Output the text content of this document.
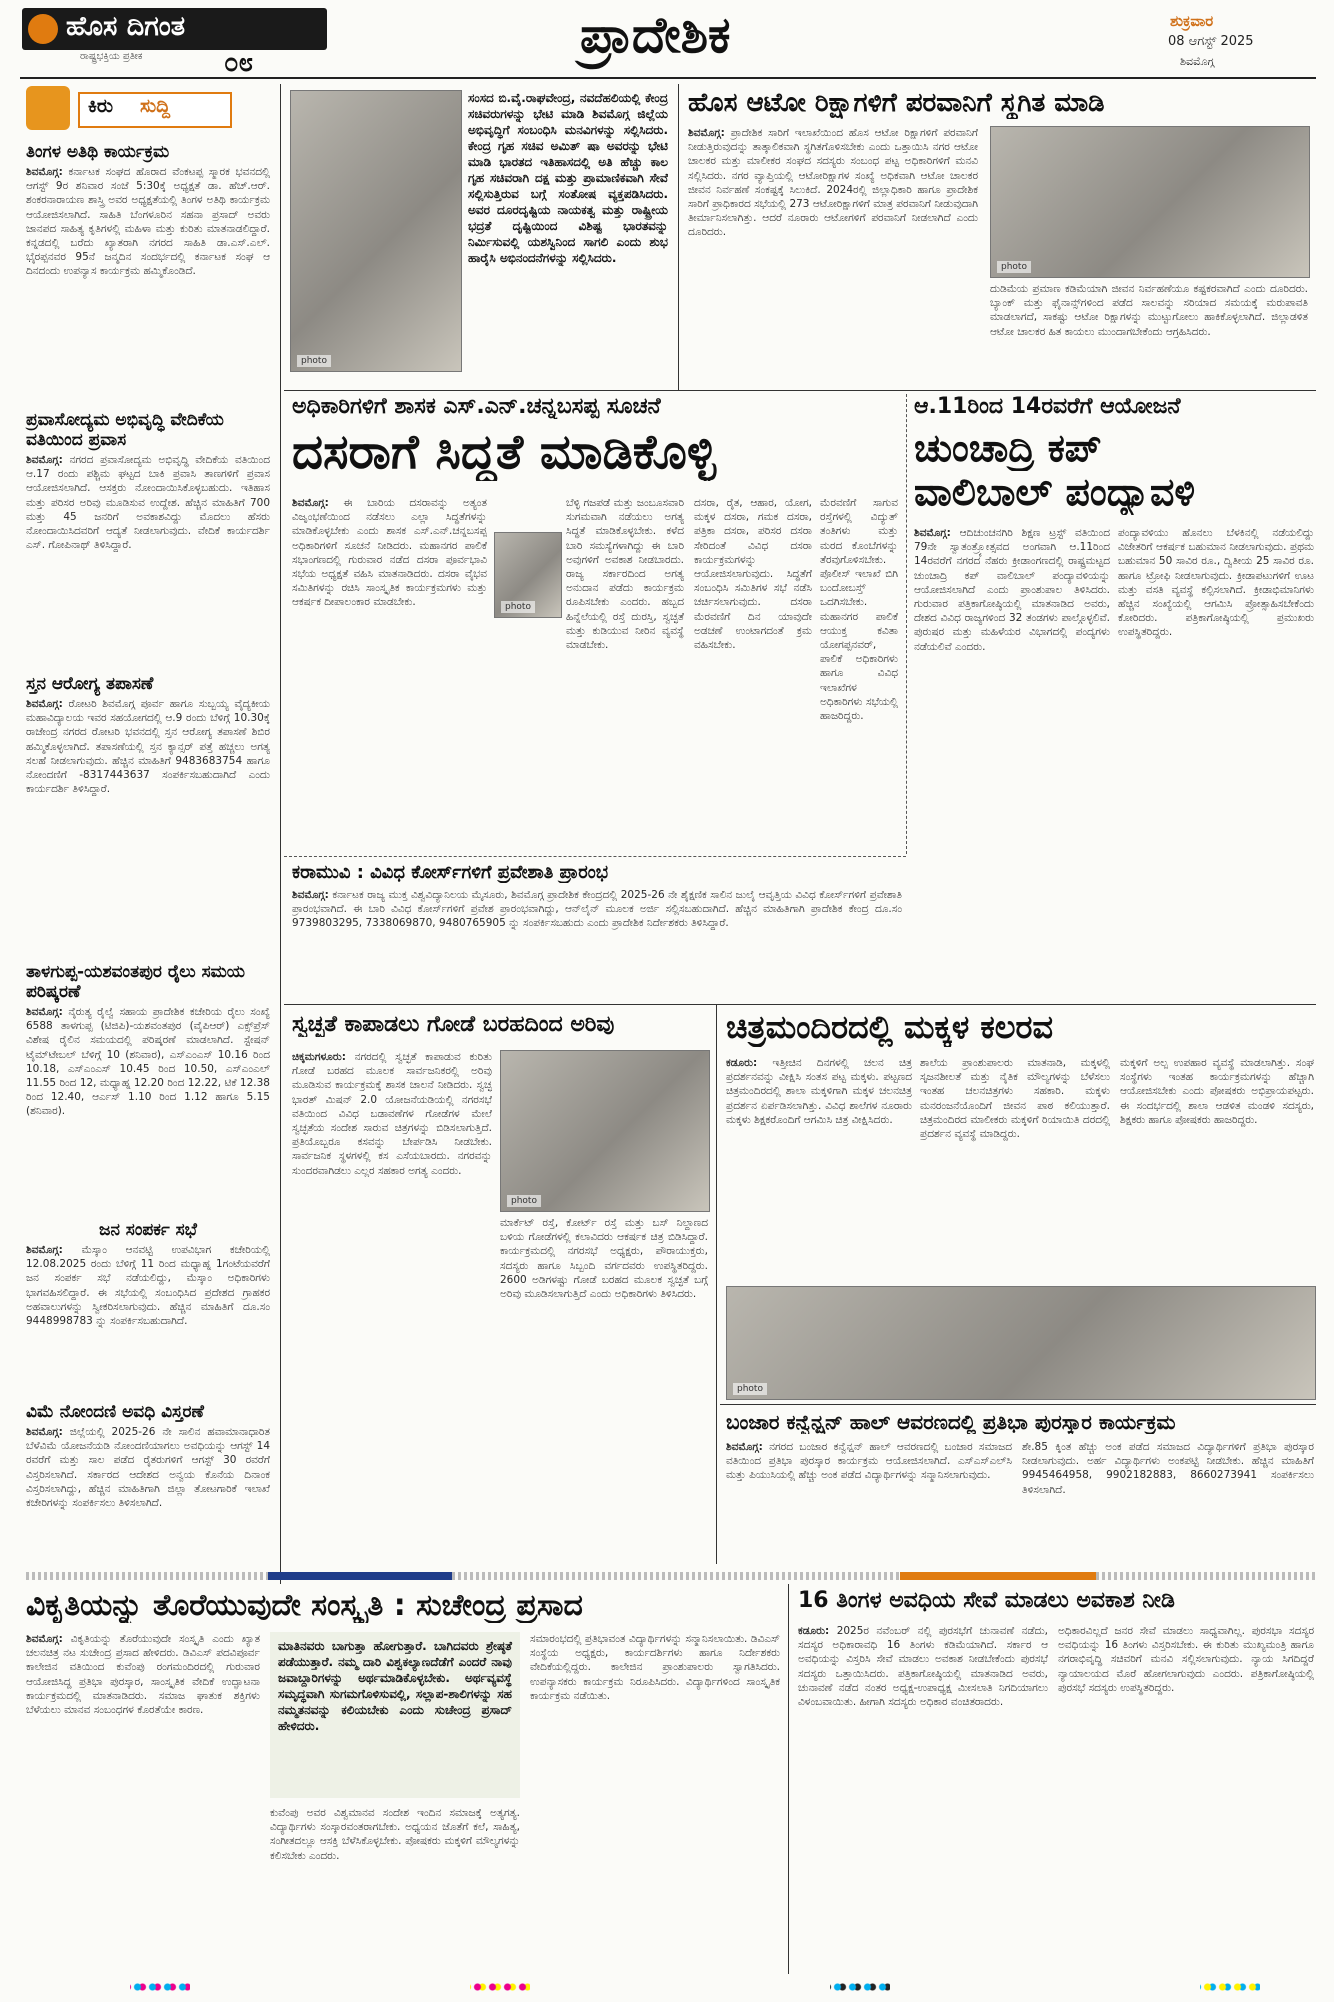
ಹೊಸ ದಿಗಂತ
ರಾಷ್ಟ್ರಭಕ್ತಿಯ ಪ್ರತೀಕ	೦೮	ಪ್ರಾದೇಶಿಕ	ಶುಕ್ರವಾರ
08 ಆಗಸ್ಟ್ 2025
ಶಿವಮೊಗ್ಗ
ಕಿರು ಸುದ್ದಿ
ತಿಂಗಳ ಅತಿಥಿ ಕಾರ್ಯಕ್ರಮ
ಶಿವಮೊಗ್ಗ: ಕರ್ನಾಟಕ ಸಂಘದ ಹೊರಾದ ವೆಂಕಟಪ್ಪ ಸ್ಮಾರಕ ಭವನದಲ್ಲಿ ಆಗಸ್ಟ್ 9ರ ಶನಿವಾರ ಸಂಜೆ 5:30ಕ್ಕೆ ಅಧ್ಯಕ್ಷತೆ ಡಾ. ಹೆಚ್.ಆರ್. ಶಂಕರನಾರಾಯಣ ಶಾಸ್ತ್ರಿ ಅವರ ಅಧ್ಯಕ್ಷತೆಯಲ್ಲಿ ತಿಂಗಳ ಅತಿಥಿ ಕಾರ್ಯಕ್ರಮ ಆಯೋಜಿಸಲಾಗಿದೆ. ಸಾಹಿತಿ ಬೆಂಗಳೂರಿನ ಸಹನಾ ಪ್ರಸಾದ್ ಅವರು ಜಾನಪದ ಸಾಹಿತ್ಯ ಕೃತಿಗಳಲ್ಲಿ ಮಹಿಳಾ ಮತ್ತು ಕುರಿತು ಮಾತನಾಡಲಿದ್ದಾರೆ. ಕನ್ನಡದಲ್ಲಿ ಬರೆದು ಖ್ಯಾತರಾಗಿ ನಗರದ ಸಾಹಿತಿ ಡಾ.ಎಸ್.ಎಲ್. ಭೈರಪ್ಪನವರ 95ನೆ ಜನ್ಮದಿನ ಸಂದರ್ಭದಲ್ಲಿ ಕರ್ನಾಟಕ ಸಂಘ ಆ ದಿನದಂದು ಉಪನ್ಯಾಸ ಕಾರ್ಯಕ್ರಮ ಹಮ್ಮಿಕೊಂಡಿದೆ.
ಪ್ರವಾಸೋದ್ಯಮ ಅಭಿವೃದ್ಧಿ ವೇದಿಕೆಯ ವತಿಯಿಂದ ಪ್ರವಾಸ
ಶಿವಮೊಗ್ಗ: ನಗರದ ಪ್ರವಾಸೋದ್ಯಮ ಅಭಿವೃದ್ಧಿ ವೇದಿಕೆಯ ವತಿಯಿಂದ ಆ.17 ರಂದು ಪಶ್ಚಿಮ ಘಟ್ಟದ ಬಾಕಿ ಪ್ರವಾಸಿ ತಾಣಗಳಿಗೆ ಪ್ರವಾಸ ಆಯೋಜಿಸಲಾಗಿದೆ. ಆಸಕ್ತರು ನೋಂದಾಯಿಸಿಕೊಳ್ಳಬಹುದು. ಇತಿಹಾಸ ಮತ್ತು ಪರಿಸರ ಅರಿವು ಮೂಡಿಸುವ ಉದ್ದೇಶ. ಹೆಚ್ಚಿನ ಮಾಹಿತಿಗೆ 700 ಮತ್ತು 45 ಜನರಿಗೆ ಅವಕಾಶವಿದ್ದು ಮೊದಲು ಹೆಸರು ನೋಂದಾಯಿಸಿದವರಿಗೆ ಆದ್ಯತೆ ನೀಡಲಾಗುವುದು. ವೇದಿಕೆ ಕಾರ್ಯದರ್ಶಿ ಎಸ್. ಗೋಪಿನಾಥ್ ತಿಳಿಸಿದ್ದಾರೆ.
ಸ್ತನ ಆರೋಗ್ಯ ತಪಾಸಣೆ
ಶಿವಮೊಗ್ಗ: ರೋಟರಿ ಶಿವಮೊಗ್ಗ ಪೂರ್ವ ಹಾಗೂ ಸುಬ್ಬಯ್ಯ ವೈದ್ಯಕೀಯ ಮಹಾವಿದ್ಯಾಲಯ ಇವರ ಸಹಯೋಗದಲ್ಲಿ ಆ.9 ರಂದು ಬೆಳಿಗ್ಗೆ 10.30ಕ್ಕೆ ರಾಜೇಂದ್ರ ನಗರದ ರೋಟರಿ ಭವನದಲ್ಲಿ ಸ್ತನ ಆರೋಗ್ಯ ತಪಾಸಣೆ ಶಿಬಿರ ಹಮ್ಮಿಕೊಳ್ಳಲಾಗಿದೆ. ತಪಾಸಣೆಯಲ್ಲಿ ಸ್ತನ ಕ್ಯಾನ್ಸರ್ ಪತ್ತೆ ಹಚ್ಚಲು ಅಗತ್ಯ ಸಲಹೆ ನೀಡಲಾಗುವುದು. ಹೆಚ್ಚಿನ ಮಾಹಿತಿಗೆ 9483683754 ಹಾಗೂ ನೋಂದಣಿಗೆ -8317443637 ಸಂಪರ್ಕಿಸಬಹುದಾಗಿದೆ ಎಂದು ಕಾರ್ಯದರ್ಶಿ ತಿಳಿಸಿದ್ದಾರೆ.
ತಾಳಗುಪ್ಪ-ಯಶವಂತಪುರ ರೈಲು ಸಮಯ ಪರಿಷ್ಕರಣೆ
ಶಿವಮೊಗ್ಗ: ನೈರುತ್ಯ ರೈಲ್ವೆ ಸಹಾಯ ಪ್ರಾದೇಶಿಕ ಕಚೇರಿಯ ರೈಲು ಸಂಖ್ಯೆ 6588 ತಾಳಗುಪ್ಪ (ಟಿಜಿಪಿ)-ಯಶವಂತಪುರ (ವೈಪಿಆರ್) ಎಕ್ಸ್‌ಪ್ರೆಸ್ ವಿಶೇಷ ರೈಲಿನ ಸಮಯದಲ್ಲಿ ಪರಿಷ್ಕರಣೆ ಮಾಡಲಾಗಿದೆ. ಸ್ಟೇಷನ್ ಟೈಮ್‌ಟೇಬಲ್ ಬೆಳಿಗ್ಗೆ 10 (ಶನಿವಾರ), ಎಸ್ಎಂಎಸ್ 10.16 ರಿಂದ 10.18, ಎಸ್ಎಂಎಸ್ 10.45 ರಿಂದ 10.50, ಎಸ್ಎಂಎಲ್ 11.55 ರಿಂದ 12, ಮಧ್ಯಾಹ್ನ 12.20 ರಿಂದ 12.22, ಟಿಕೆ 12.38 ರಿಂದ 12.40, ಆರ್ಎಸ್ 1.10 ರಿಂದ 1.12 ಹಾಗೂ 5.15 (ಶನಿವಾರ).
ಜನ ಸಂಪರ್ಕ ಸಭೆ
ಶಿವಮೊಗ್ಗ: ಮೆಸ್ಕಾಂ ಆನವಟ್ಟಿ ಉಪವಿಭಾಗ ಕಚೇರಿಯಲ್ಲಿ 12.08.2025 ರಂದು ಬೆಳಿಗ್ಗೆ 11 ರಿಂದ ಮಧ್ಯಾಹ್ನ 1ಗಂಟೆಯವರೆಗೆ ಜನ ಸಂಪರ್ಕ ಸಭೆ ನಡೆಯಲಿದ್ದು, ಮೆಸ್ಕಾಂ ಅಧಿಕಾರಿಗಳು ಭಾಗವಹಿಸಲಿದ್ದಾರೆ. ಈ ಸಭೆಯಲ್ಲಿ ಸಂಬಂಧಿಸಿದ ಪ್ರದೇಶದ ಗ್ರಾಹಕರ ಅಹವಾಲುಗಳನ್ನು ಸ್ವೀಕರಿಸಲಾಗುವುದು. ಹೆಚ್ಚಿನ ಮಾಹಿತಿಗೆ ದೂ.ಸಂ 9448998783 ನ್ನು ಸಂಪರ್ಕಿಸಬಹುದಾಗಿದೆ.
ವಿಮೆ ನೋಂದಣಿ ಅವಧಿ ವಿಸ್ತರಣೆ
ಶಿವಮೊಗ್ಗ: ಜಿಲ್ಲೆಯಲ್ಲಿ 2025-26 ನೇ ಸಾಲಿನ ಹವಾಮಾನಾಧಾರಿತ ಬೆಳೆವಿಮೆ ಯೋಜನೆಯಡಿ ನೋಂದಣಿಯಾಗಲು ಅವಧಿಯನ್ನು ಆಗಸ್ಟ್ 14 ರವರೆಗೆ ಮತ್ತು ಸಾಲ ಪಡೆದ ರೈತರುಗಳಿಗೆ ಆಗಸ್ಟ್ 30 ರವರೆಗೆ ವಿಸ್ತರಿಸಲಾಗಿದೆ. ಸರ್ಕಾರದ ಆದೇಶದ ಅನ್ವಯ ಕೊನೆಯ ದಿನಾಂಕ ವಿಸ್ತರಿಸಲಾಗಿದ್ದು, ಹೆಚ್ಚಿನ ಮಾಹಿತಿಗಾಗಿ ಜಿಲ್ಲಾ ತೋಟಗಾರಿಕೆ ಇಲಾಖೆ ಕಚೇರಿಗಳನ್ನು ಸಂಪರ್ಕಿಸಲು ತಿಳಿಸಲಾಗಿದೆ.
photo
ಸಂಸದ ಬಿ.ವೈ.ರಾಘವೇಂದ್ರ, ನವದೆಹಲಿಯಲ್ಲಿ ಕೇಂದ್ರ ಸಚಿವರುಗಳನ್ನು ಭೇಟಿ ಮಾಡಿ ಶಿವಮೊಗ್ಗ ಜಿಲ್ಲೆಯ ಅಭಿವೃದ್ಧಿಗೆ ಸಂಬಂಧಿಸಿ ಮನವಿಗಳನ್ನು ಸಲ್ಲಿಸಿದರು. ಕೇಂದ್ರ ಗೃಹ ಸಚಿವ ಅಮಿತ್ ಷಾ ಅವರನ್ನು ಭೇಟಿ ಮಾಡಿ ಭಾರತದ ಇತಿಹಾಸದಲ್ಲಿ ಅತಿ ಹೆಚ್ಚು ಕಾಲ ಗೃಹ ಸಚಿವರಾಗಿ ದಕ್ಷ ಮತ್ತು ಪ್ರಾಮಾಣಿಕವಾಗಿ ಸೇವೆ ಸಲ್ಲಿಸುತ್ತಿರುವ ಬಗ್ಗೆ ಸಂತೋಷ ವ್ಯಕ್ತಪಡಿಸಿದರು. ಅವರ ದೂರದೃಷ್ಟಿಯ ನಾಯಕತ್ವ ಮತ್ತು ರಾಷ್ಟ್ರೀಯ ಭದ್ರತೆ ದೃಷ್ಟಿಯಿಂದ ವಿಶಿಷ್ಟ ಭಾರತವನ್ನು ನಿರ್ಮಿಸುವಲ್ಲಿ ಯಶಸ್ವಿನಿಂದ ಸಾಗಲಿ ಎಂದು ಶುಭ ಹಾರೈಸಿ ಅಭಿನಂದನೆಗಳನ್ನು ಸಲ್ಲಿಸಿದರು.
ಹೊಸ ಆಟೋ ರಿಕ್ಷಾಗಳಿಗೆ ಪರವಾನಿಗೆ ಸ್ಥಗಿತ ಮಾಡಿ
ಶಿವಮೊಗ್ಗ: ಪ್ರಾದೇಶಿಕ ಸಾರಿಗೆ ಇಲಾಖೆಯಿಂದ ಹೊಸ ಆಟೋ ರಿಕ್ಷಾಗಳಿಗೆ ಪರವಾನಿಗೆ ನೀಡುತ್ತಿರುವುದನ್ನು ತಾತ್ಕಾಲಿಕವಾಗಿ ಸ್ಥಗಿತಗೊಳಿಸಬೇಕು ಎಂದು ಒತ್ತಾಯಿಸಿ ನಗರ ಆಟೋ ಚಾಲಕರ ಮತ್ತು ಮಾಲೀಕರ ಸಂಘದ ಸದಸ್ಯರು ಸಂಬಂಧ ಪಟ್ಟ ಅಧಿಕಾರಿಗಳಿಗೆ ಮನವಿ ಸಲ್ಲಿಸಿದರು. ನಗರ ವ್ಯಾಪ್ತಿಯಲ್ಲಿ ಆಟೋರಿಕ್ಷಾಗಳ ಸಂಖ್ಯೆ ಅಧಿಕವಾಗಿ ಆಟೋ ಚಾಲಕರ ಜೀವನ ನಿರ್ವಹಣೆ ಸಂಕಷ್ಟಕ್ಕೆ ಸಿಲುಕಿದೆ. 2024ರಲ್ಲಿ ಜಿಲ್ಲಾಧಿಕಾರಿ ಹಾಗೂ ಪ್ರಾದೇಶಿಕ ಸಾರಿಗೆ ಪ್ರಾಧಿಕಾರದ ಸಭೆಯಲ್ಲಿ 273 ಆಟೋರಿಕ್ಷಾಗಳಿಗೆ ಮಾತ್ರ ಪರವಾನಿಗೆ ನೀಡುವುದಾಗಿ ತೀರ್ಮಾನಿಸಲಾಗಿತ್ತು. ಆದರೆ ನೂರಾರು ಆಟೋಗಳಿಗೆ ಪರವಾನಿಗೆ ನೀಡಲಾಗಿದೆ ಎಂದು ದೂರಿದರು.
photo
ದುಡಿಮೆಯ ಪ್ರಮಾಣ ಕಡಿಮೆಯಾಗಿ ಜೀವನ ನಿರ್ವಹಣೆಯೂ ಕಷ್ಟಕರವಾಗಿದೆ ಎಂದು ದೂರಿದರು. ಬ್ಯಾಂಕ್ ಮತ್ತು ಫೈನಾನ್ಸ್‌ಗಳಿಂದ ಪಡೆದ ಸಾಲವನ್ನು ಸರಿಯಾದ ಸಮಯಕ್ಕೆ ಮರುಪಾವತಿ ಮಾಡಲಾಗದೆ, ಸಾಕಷ್ಟು ಆಟೋ ರಿಕ್ಷಾಗಳನ್ನು ಮುಟ್ಟುಗೋಲು ಹಾಕಿಕೊಳ್ಳಲಾಗಿದೆ. ಜಿಲ್ಲಾಡಳಿತ ಆಟೋ ಚಾಲಕರ ಹಿತ ಕಾಯಲು ಮುಂದಾಗಬೇಕೆಂದು ಆಗ್ರಹಿಸಿದರು.
ಅಧಿಕಾರಿಗಳಿಗೆ ಶಾಸಕ ಎಸ್.ಎನ್.ಚನ್ನಬಸಪ್ಪ ಸೂಚನೆ
ದಸರಾಗೆ ಸಿದ್ಧತೆ ಮಾಡಿಕೊಳ್ಳಿ
ಶಿವಮೊಗ್ಗ: ಈ ಬಾರಿಯ ದಸರಾವನ್ನು ಅತ್ಯಂತ ವಿಜೃಂಭಣೆಯಿಂದ ನಡೆಸಲು ಎಲ್ಲಾ ಸಿದ್ಧತೆಗಳನ್ನು ಮಾಡಿಕೊಳ್ಳಬೇಕು ಎಂದು ಶಾಸಕ ಎಸ್.ಎನ್.ಚನ್ನಬಸಪ್ಪ ಅಧಿಕಾರಿಗಳಿಗೆ ಸೂಚನೆ ನೀಡಿದರು. ಮಹಾನಗರ ಪಾಲಿಕೆ ಸಭಾಂಗಣದಲ್ಲಿ ಗುರುವಾರ ನಡೆದ ದಸರಾ ಪೂರ್ವಭಾವಿ ಸಭೆಯ ಅಧ್ಯಕ್ಷತೆ ವಹಿಸಿ ಮಾತನಾಡಿದರು. ದಸರಾ ವೈಭವ ಸಮಿತಿಗಳನ್ನು ರಚಿಸಿ ಸಾಂಸ್ಕೃತಿಕ ಕಾರ್ಯಕ್ರಮಗಳು ಮತ್ತು ಆಕರ್ಷಕ ದೀಪಾಲಂಕಾರ ಮಾಡಬೇಕು.	photo
ಬೆಳ್ಳಿ ಗಜಪಡೆ ಮತ್ತು ಜಂಬೂಸವಾರಿ ಸುಗಮವಾಗಿ ನಡೆಯಲು ಅಗತ್ಯ ಸಿದ್ಧತೆ ಮಾಡಿಕೊಳ್ಳಬೇಕು. ಕಳೆದ ಬಾರಿ ಸಮಸ್ಯೆಗಳಾಗಿದ್ದು ಈ ಬಾರಿ ಅವುಗಳಿಗೆ ಅವಕಾಶ ನೀಡಬಾರದು. ರಾಜ್ಯ ಸರ್ಕಾರದಿಂದ ಅಗತ್ಯ ಅನುದಾನ ಪಡೆದು ಕಾರ್ಯಕ್ರಮ ರೂಪಿಸಬೇಕು ಎಂದರು. ಹಬ್ಬದ ಹಿನ್ನೆಲೆಯಲ್ಲಿ ರಸ್ತೆ ದುರಸ್ತಿ, ಸ್ವಚ್ಛತೆ ಮತ್ತು ಕುಡಿಯುವ ನೀರಿನ ವ್ಯವಸ್ಥೆ ಮಾಡಬೇಕು.
ದಸರಾ, ರೈತ, ಆಹಾರ, ಯೋಗ, ಮಕ್ಕಳ ದಸರಾ, ಗಮಕ ದಸರಾ, ಪತ್ರಿಕಾ ದಸರಾ, ಪರಿಸರ ದಸರಾ ಸೇರಿದಂತೆ ವಿವಿಧ ದಸರಾ ಕಾರ್ಯಕ್ರಮಗಳನ್ನು ಆಯೋಜಿಸಲಾಗುವುದು. ಸಿದ್ಧತೆಗೆ ಸಂಬಂಧಿಸಿ ಸಮಿತಿಗಳ ಸಭೆ ನಡೆಸಿ ಚರ್ಚಿಸಲಾಗುವುದು. ದಸರಾ ಮೆರವಣಿಗೆ ದಿನ ಯಾವುದೇ ಅಡಚಣೆ ಉಂಟಾಗದಂತೆ ಕ್ರಮ ವಹಿಸಬೇಕು.
ಮೆರವಣಿಗೆ ಸಾಗುವ ರಸ್ತೆಗಳಲ್ಲಿ ವಿದ್ಯುತ್ ತಂತಿಗಳು ಮತ್ತು ಮರದ ಕೊಂಬೆಗಳನ್ನು ತೆರವುಗೊಳಿಸಬೇಕು. ಪೊಲೀಸ್ ಇಲಾಖೆ ಬಿಗಿ ಬಂದೋಬಸ್ತ್ ಒದಗಿಸಬೇಕು. ಮಹಾನಗರ ಪಾಲಿಕೆ ಆಯುಕ್ತ ಕವಿತಾ ಯೋಗಪ್ಪನವರ್, ಪಾಲಿಕೆ ಅಧಿಕಾರಿಗಳು ಹಾಗೂ ವಿವಿಧ ಇಲಾಖೆಗಳ ಅಧಿಕಾರಿಗಳು ಸಭೆಯಲ್ಲಿ ಹಾಜರಿದ್ದರು.
ಆ.11ರಿಂದ 14ರವರೆಗೆ ಆಯೋಜನೆ
ಚುಂಚಾದ್ರಿ ಕಪ್
ವಾಲಿಬಾಲ್ ಪಂದ್ಯಾವಳಿ
ಶಿವಮೊಗ್ಗ: ಆದಿಚುಂಚನಗಿರಿ ಶಿಕ್ಷಣ ಟ್ರಸ್ಟ್ ವತಿಯಿಂದ 79ನೇ ಸ್ವಾತಂತ್ರ್ಯೋತ್ಸವದ ಅಂಗವಾಗಿ ಆ.11ರಿಂದ 14ರವರೆಗೆ ನಗರದ ನೆಹರು ಕ್ರೀಡಾಂಗಣದಲ್ಲಿ ರಾಷ್ಟ್ರಮಟ್ಟದ ಚುಂಚಾದ್ರಿ ಕಪ್ ವಾಲಿಬಾಲ್ ಪಂದ್ಯಾವಳಿಯನ್ನು ಆಯೋಜಿಸಲಾಗಿದೆ ಎಂದು ಪ್ರಾಂಶುಪಾಲ ತಿಳಿಸಿದರು. ಗುರುವಾರ ಪತ್ರಿಕಾಗೋಷ್ಠಿಯಲ್ಲಿ ಮಾತನಾಡಿದ ಅವರು, ದೇಶದ ವಿವಿಧ ರಾಜ್ಯಗಳಿಂದ 32 ತಂಡಗಳು ಪಾಲ್ಗೊಳ್ಳಲಿವೆ. ಪುರುಷರ ಮತ್ತು ಮಹಿಳೆಯರ ವಿಭಾಗದಲ್ಲಿ ಪಂದ್ಯಗಳು ನಡೆಯಲಿವೆ ಎಂದರು.
ಪಂದ್ಯಾವಳಿಯು ಹೊನಲು ಬೆಳಕಿನಲ್ಲಿ ನಡೆಯಲಿದ್ದು ವಿಜೇತರಿಗೆ ಆಕರ್ಷಕ ಬಹುಮಾನ ನೀಡಲಾಗುವುದು. ಪ್ರಥಮ ಬಹುಮಾನ 50 ಸಾವಿರ ರೂ., ದ್ವಿತೀಯ 25 ಸಾವಿರ ರೂ. ಹಾಗೂ ಟ್ರೋಫಿ ನೀಡಲಾಗುವುದು. ಕ್ರೀಡಾಪಟುಗಳಿಗೆ ಊಟ ಮತ್ತು ವಸತಿ ವ್ಯವಸ್ಥೆ ಕಲ್ಪಿಸಲಾಗಿದೆ. ಕ್ರೀಡಾಭಿಮಾನಿಗಳು ಹೆಚ್ಚಿನ ಸಂಖ್ಯೆಯಲ್ಲಿ ಆಗಮಿಸಿ ಪ್ರೋತ್ಸಾಹಿಸಬೇಕೆಂದು ಕೋರಿದರು. ಪತ್ರಿಕಾಗೋಷ್ಠಿಯಲ್ಲಿ ಪ್ರಮುಖರು ಉಪಸ್ಥಿತರಿದ್ದರು.
ಕರಾಮುವಿ : ವಿವಿಧ ಕೋರ್ಸ್‌ಗಳಿಗೆ ಪ್ರವೇಶಾತಿ ಪ್ರಾರಂಭ
ಶಿವಮೊಗ್ಗ: ಕರ್ನಾಟಕ ರಾಜ್ಯ ಮುಕ್ತ ವಿಶ್ವವಿದ್ಯಾನಿಲಯ ಮೈಸೂರು, ಶಿವಮೊಗ್ಗ ಪ್ರಾದೇಶಿಕ ಕೇಂದ್ರದಲ್ಲಿ 2025-26 ನೇ ಶೈಕ್ಷಣಿಕ ಸಾಲಿನ ಜುಲೈ ಆವೃತ್ತಿಯ ವಿವಿಧ ಕೋರ್ಸ್‌ಗಳಿಗೆ ಪ್ರವೇಶಾತಿ ಪ್ರಾರಂಭವಾಗಿದೆ. ಈ ಬಾರಿ ವಿವಿಧ ಕೋರ್ಸ್‌ಗಳಿಗೆ ಪ್ರವೇಶ ಪ್ರಾರಂಭವಾಗಿದ್ದು, ಆನ್‌ಲೈನ್ ಮೂಲಕ ಅರ್ಜಿ ಸಲ್ಲಿಸಬಹುದಾಗಿದೆ. ಹೆಚ್ಚಿನ ಮಾಹಿತಿಗಾಗಿ ಪ್ರಾದೇಶಿಕ ಕೇಂದ್ರ ದೂ.ಸಂ 9739803295, 7338069870, 9480765905 ನ್ನು ಸಂಪರ್ಕಿಸಬಹುದು ಎಂದು ಪ್ರಾದೇಶಿಕ ನಿರ್ದೇಶಕರು ತಿಳಿಸಿದ್ದಾರೆ.
ಸ್ವಚ್ಛತೆ ಕಾಪಾಡಲು ಗೋಡೆ ಬರಹದಿಂದ ಅರಿವು
ಚಿಕ್ಕಮಗಳೂರು: ನಗರದಲ್ಲಿ ಸ್ವಚ್ಛತೆ ಕಾಪಾಡುವ ಕುರಿತು ಗೋಡೆ ಬರಹದ ಮೂಲಕ ಸಾರ್ವಜನಿಕರಲ್ಲಿ ಅರಿವು ಮೂಡಿಸುವ ಕಾರ್ಯಕ್ರಮಕ್ಕೆ ಶಾಸಕ ಚಾಲನೆ ನೀಡಿದರು. ಸ್ವಚ್ಛ ಭಾರತ್ ಮಿಷನ್ 2.0 ಯೋಜನೆಯಡಿಯಲ್ಲಿ ನಗರಸಭೆ ವತಿಯಿಂದ ವಿವಿಧ ಬಡಾವಣೆಗಳ ಗೋಡೆಗಳ ಮೇಲೆ ಸ್ವಚ್ಛತೆಯ ಸಂದೇಶ ಸಾರುವ ಚಿತ್ರಗಳನ್ನು ಬಿಡಿಸಲಾಗುತ್ತಿದೆ. ಪ್ರತಿಯೊಬ್ಬರೂ ಕಸವನ್ನು ಬೇರ್ಪಡಿಸಿ ನೀಡಬೇಕು. ಸಾರ್ವಜನಿಕ ಸ್ಥಳಗಳಲ್ಲಿ ಕಸ ಎಸೆಯಬಾರದು. ನಗರವನ್ನು ಸುಂದರವಾಗಿಡಲು ಎಲ್ಲರ ಸಹಕಾರ ಅಗತ್ಯ ಎಂದರು.
photo
ಮಾರ್ಕೆಟ್ ರಸ್ತೆ, ಕೋರ್ಟ್ ರಸ್ತೆ ಮತ್ತು ಬಸ್ ನಿಲ್ದಾಣದ ಬಳಿಯ ಗೋಡೆಗಳಲ್ಲಿ ಕಲಾವಿದರು ಆಕರ್ಷಕ ಚಿತ್ರ ಬಿಡಿಸಿದ್ದಾರೆ. ಕಾರ್ಯಕ್ರಮದಲ್ಲಿ ನಗರಸಭೆ ಅಧ್ಯಕ್ಷರು, ಪೌರಾಯುಕ್ತರು, ಸದಸ್ಯರು ಹಾಗೂ ಸಿಬ್ಬಂದಿ ವರ್ಗದವರು ಉಪಸ್ಥಿತರಿದ್ದರು. 2600 ಅಡಿಗಳಷ್ಟು ಗೋಡೆ ಬರಹದ ಮೂಲಕ ಸ್ವಚ್ಛತೆ ಬಗ್ಗೆ ಅರಿವು ಮೂಡಿಸಲಾಗುತ್ತಿದೆ ಎಂದು ಅಧಿಕಾರಿಗಳು ತಿಳಿಸಿದರು.
ಚಿತ್ರಮಂದಿರದಲ್ಲಿ ಮಕ್ಕಳ ಕಲರವ
ಕಡೂರು: ಇತ್ತೀಚಿನ ದಿನಗಳಲ್ಲಿ ಚಲನ ಚಿತ್ರ ಪ್ರದರ್ಶನವನ್ನು ವೀಕ್ಷಿಸಿ ಸಂತಸ ಪಟ್ಟ ಮಕ್ಕಳು. ಪಟ್ಟಣದ ಚಿತ್ರಮಂದಿರದಲ್ಲಿ ಶಾಲಾ ಮಕ್ಕಳಿಗಾಗಿ ಮಕ್ಕಳ ಚಲನಚಿತ್ರ ಪ್ರದರ್ಶನ ಏರ್ಪಡಿಸಲಾಗಿತ್ತು. ವಿವಿಧ ಶಾಲೆಗಳ ನೂರಾರು ಮಕ್ಕಳು ಶಿಕ್ಷಕರೊಂದಿಗೆ ಆಗಮಿಸಿ ಚಿತ್ರ ವೀಕ್ಷಿಸಿದರು.
ಶಾಲೆಯ ಪ್ರಾಂಶುಪಾಲರು ಮಾತನಾಡಿ, ಮಕ್ಕಳಲ್ಲಿ ಸೃಜನಶೀಲತೆ ಮತ್ತು ನೈತಿಕ ಮೌಲ್ಯಗಳನ್ನು ಬೆಳೆಸಲು ಇಂತಹ ಚಲನಚಿತ್ರಗಳು ಸಹಕಾರಿ. ಮಕ್ಕಳು ಮನರಂಜನೆಯೊಂದಿಗೆ ಜೀವನ ಪಾಠ ಕಲಿಯುತ್ತಾರೆ. ಚಿತ್ರಮಂದಿರದ ಮಾಲೀಕರು ಮಕ್ಕಳಿಗೆ ರಿಯಾಯಿತಿ ದರದಲ್ಲಿ ಪ್ರದರ್ಶನ ವ್ಯವಸ್ಥೆ ಮಾಡಿದ್ದರು.
ಮಕ್ಕಳಿಗೆ ಅಲ್ಪ ಉಪಹಾರ ವ್ಯವಸ್ಥೆ ಮಾಡಲಾಗಿತ್ತು. ಸಂಘ ಸಂಸ್ಥೆಗಳು ಇಂತಹ ಕಾರ್ಯಕ್ರಮಗಳನ್ನು ಹೆಚ್ಚಾಗಿ ಆಯೋಜಿಸಬೇಕು ಎಂದು ಪೋಷಕರು ಅಭಿಪ್ರಾಯಪಟ್ಟರು. ಈ ಸಂದರ್ಭದಲ್ಲಿ ಶಾಲಾ ಆಡಳಿತ ಮಂಡಳಿ ಸದಸ್ಯರು, ಶಿಕ್ಷಕರು ಹಾಗೂ ಪೋಷಕರು ಹಾಜರಿದ್ದರು.
photo
ಬಂಜಾರ ಕನ್ವೆನ್ಷನ್ ಹಾಲ್ ಆವರಣದಲ್ಲಿ ಪ್ರತಿಭಾ ಪುರಸ್ಕಾರ ಕಾರ್ಯಕ್ರಮ
ಶಿವಮೊಗ್ಗ: ನಗರದ ಬಂಜಾರ ಕನ್ವೆನ್ಷನ್ ಹಾಲ್ ಆವರಣದಲ್ಲಿ ಬಂಜಾರ ಸಮಾಜದ ವತಿಯಿಂದ ಪ್ರತಿಭಾ ಪುರಸ್ಕಾರ ಕಾರ್ಯಕ್ರಮ ಆಯೋಜಿಸಲಾಗಿದೆ. ಎಸ್ಎಸ್ಎಲ್‌ಸಿ ಮತ್ತು ಪಿಯುಸಿಯಲ್ಲಿ ಹೆಚ್ಚು ಅಂಕ ಪಡೆದ ವಿದ್ಯಾರ್ಥಿಗಳನ್ನು ಸನ್ಮಾನಿಸಲಾಗುವುದು.
ಶೇ.85 ಕ್ಕಿಂತ ಹೆಚ್ಚು ಅಂಕ ಪಡೆದ ಸಮಾಜದ ವಿದ್ಯಾರ್ಥಿಗಳಿಗೆ ಪ್ರತಿಭಾ ಪುರಸ್ಕಾರ ನೀಡಲಾಗುವುದು. ಅರ್ಹ ವಿದ್ಯಾರ್ಥಿಗಳು ಅಂಕಪಟ್ಟಿ ನೀಡಬೇಕು. ಹೆಚ್ಚಿನ ಮಾಹಿತಿಗೆ 9945464958, 9902182883, 8660273941 ಸಂಪರ್ಕಿಸಲು ತಿಳಿಸಲಾಗಿದೆ.
ವಿಕೃತಿಯನ್ನು ತೊರೆಯುವುದೇ ಸಂಸ್ಕೃತಿ : ಸುಚೇಂದ್ರ ಪ್ರಸಾದ
ಶಿವಮೊಗ್ಗ: ವಿಕೃತಿಯನ್ನು ತೊರೆಯುವುದೇ ಸಂಸ್ಕೃತಿ ಎಂದು ಖ್ಯಾತ ಚಲನಚಿತ್ರ ನಟ ಸುಚೇಂದ್ರ ಪ್ರಸಾದ ಹೇಳಿದರು. ಡಿವಿಎಸ್ ಪದವಿಪೂರ್ವ ಕಾಲೇಜಿನ ವತಿಯಿಂದ ಕುವೆಂಪು ರಂಗಮಂದಿರದಲ್ಲಿ ಗುರುವಾರ ಆಯೋಜಿಸಿದ್ದ ಪ್ರತಿಭಾ ಪುರಸ್ಕಾರ, ಸಾಂಸ್ಕೃತಿಕ ವೇದಿಕೆ ಉದ್ಘಾಟನಾ ಕಾರ್ಯಕ್ರಮದಲ್ಲಿ ಮಾತನಾಡಿದರು. ಸಮಾಜ ಘಾತುಕ ಶಕ್ತಿಗಳು ಬೆಳೆಯಲು ಮಾನವ ಸಂಬಂಧಗಳ ಕೊರತೆಯೇ ಕಾರಣ.
ಮಾತಿನವರು ಬಾಗುತ್ತಾ ಹೋಗುತ್ತಾರೆ. ಬಾಗಿದವರು ಶ್ರೇಷ್ಠತೆ ಪಡೆಯುತ್ತಾರೆ. ನಮ್ಮ ದಾರಿ ವಿಶ್ವಕಲ್ಯಾಣದೆಡೆಗೆ ಎಂದರೆ ನಾವು ಜವಾಬ್ದಾರಿಗಳನ್ನು ಅರ್ಥಮಾಡಿಕೊಳ್ಳಬೇಕು. ಅರ್ಥವ್ಯವಸ್ಥೆ ಸಮೃದ್ಧವಾಗಿ ಸುಗಮಗೊಳಿಸುವಲ್ಲಿ, ಸಲ್ಲಾಪ-ಶಾಲಿಗಳನ್ನು ಸಹ ನಮ್ಮತನವನ್ನು ಕಲಿಯಬೇಕು ಎಂದು ಸುಚೇಂದ್ರ ಪ್ರಸಾದ್ ಹೇಳಿದರು.
ಕುವೆಂಪು ಅವರ ವಿಶ್ವಮಾನವ ಸಂದೇಶ ಇಂದಿನ ಸಮಾಜಕ್ಕೆ ಅತ್ಯಗತ್ಯ. ವಿದ್ಯಾರ್ಥಿಗಳು ಸಂಸ್ಕಾರವಂತರಾಗಬೇಕು. ಅಧ್ಯಯನ ಜೊತೆಗೆ ಕಲೆ, ಸಾಹಿತ್ಯ, ಸಂಗೀತದಲ್ಲೂ ಆಸಕ್ತಿ ಬೆಳೆಸಿಕೊಳ್ಳಬೇಕು. ಪೋಷಕರು ಮಕ್ಕಳಿಗೆ ಮೌಲ್ಯಗಳನ್ನು ಕಲಿಸಬೇಕು ಎಂದರು.
ಸಮಾರಂಭದಲ್ಲಿ ಪ್ರತಿಭಾವಂತ ವಿದ್ಯಾರ್ಥಿಗಳನ್ನು ಸನ್ಮಾನಿಸಲಾಯಿತು. ಡಿವಿಎಸ್ ಸಂಸ್ಥೆಯ ಅಧ್ಯಕ್ಷರು, ಕಾರ್ಯದರ್ಶಿಗಳು ಹಾಗೂ ನಿರ್ದೇಶಕರು ವೇದಿಕೆಯಲ್ಲಿದ್ದರು. ಕಾಲೇಜಿನ ಪ್ರಾಂಶುಪಾಲರು ಸ್ವಾಗತಿಸಿದರು. ಉಪನ್ಯಾಸಕರು ಕಾರ್ಯಕ್ರಮ ನಿರೂಪಿಸಿದರು. ವಿದ್ಯಾರ್ಥಿಗಳಿಂದ ಸಾಂಸ್ಕೃತಿಕ ಕಾರ್ಯಕ್ರಮ ನಡೆಯಿತು.
16 ತಿಂಗಳ ಅವಧಿಯ ಸೇವೆ ಮಾಡಲು ಅವಕಾಶ ನೀಡಿ
ಕಡೂರು: 2025ರ ನವೆಂಬರ್ ನಲ್ಲಿ ಪುರಸಭೆಗೆ ಚುನಾವಣೆ ನಡೆದು, ಸದಸ್ಯರ ಅಧಿಕಾರಾವಧಿ 16 ತಿಂಗಳು ಕಡಿಮೆಯಾಗಿದೆ. ಸರ್ಕಾರ ಆ ಅವಧಿಯನ್ನು ವಿಸ್ತರಿಸಿ ಸೇವೆ ಮಾಡಲು ಅವಕಾಶ ನೀಡಬೇಕೆಂದು ಪುರಸಭೆ ಸದಸ್ಯರು ಒತ್ತಾಯಿಸಿದರು. ಪತ್ರಿಕಾಗೋಷ್ಠಿಯಲ್ಲಿ ಮಾತನಾಡಿದ ಅವರು, ಚುನಾವಣೆ ನಡೆದ ನಂತರ ಅಧ್ಯಕ್ಷ-ಉಪಾಧ್ಯಕ್ಷ ಮೀಸಲಾತಿ ನಿಗದಿಯಾಗಲು ವಿಳಂಬವಾಯಿತು. ಹೀಗಾಗಿ ಸದಸ್ಯರು ಅಧಿಕಾರ ವಂಚಿತರಾದರು.
ಅಧಿಕಾರವಿಲ್ಲದೆ ಜನರ ಸೇವೆ ಮಾಡಲು ಸಾಧ್ಯವಾಗಿಲ್ಲ. ಪುರಸಭಾ ಸದಸ್ಯರ ಅವಧಿಯನ್ನು 16 ತಿಂಗಳು ವಿಸ್ತರಿಸಬೇಕು. ಈ ಕುರಿತು ಮುಖ್ಯಮಂತ್ರಿ ಹಾಗೂ ನಗರಾಭಿವೃದ್ಧಿ ಸಚಿವರಿಗೆ ಮನವಿ ಸಲ್ಲಿಸಲಾಗುವುದು. ನ್ಯಾಯ ಸಿಗದಿದ್ದರೆ ನ್ಯಾಯಾಲಯದ ಮೊರೆ ಹೋಗಲಾಗುವುದು ಎಂದರು. ಪತ್ರಿಕಾಗೋಷ್ಠಿಯಲ್ಲಿ ಪುರಸಭೆ ಸದಸ್ಯರು ಉಪಸ್ಥಿತರಿದ್ದರು.
